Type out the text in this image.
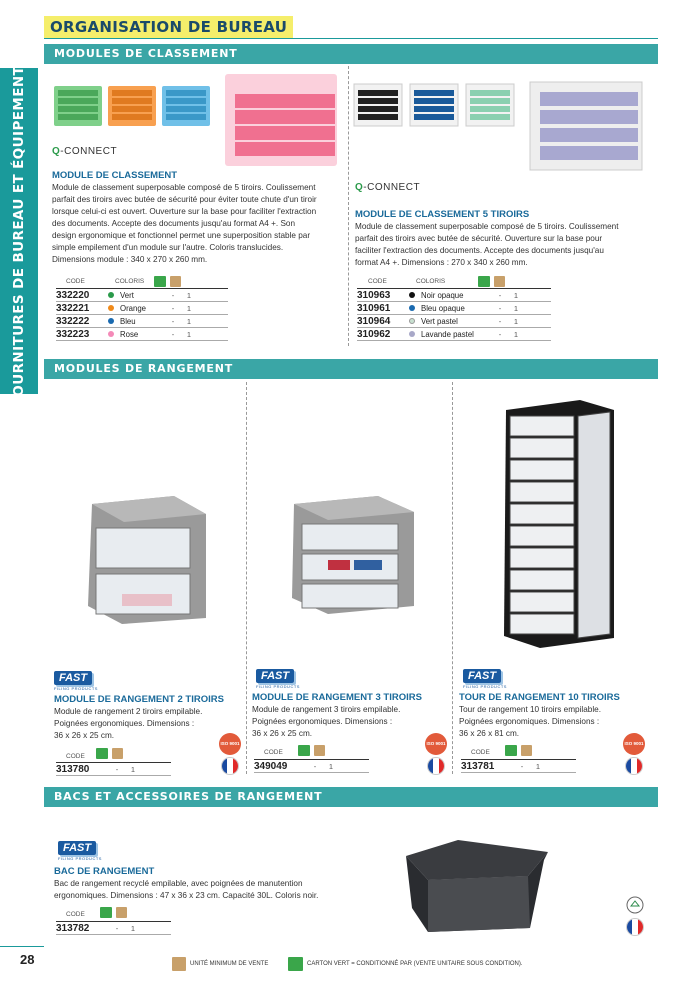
FOURNITURES DE BUREAU ET ÉQUIPEMENTS
ORGANISATION DE BUREAU
MODULES DE CLASSEMENT
Q-CONNECT
MODULE DE CLASSEMENT
Module de classement superposable composé de 5 tiroirs. Coulissement parfait des tiroirs avec butée de sécurité pour éviter toute chute d'un tiroir lorsque celui-ci est ouvert. Ouverture sur la base pour faciliter l'extraction des documents. Accepte des documents jusqu'au format A4 +. Son design ergonomique et fonctionnel permet une superposition stable par simple empilement d'un module sur l'autre. Coloris translucides. Dimensions module : 340 x 270 x 260 mm.
CODE	COLORIS

332220	Vert	-	1
332221	Orange	-	1
332222	Bleu	-	1
332223	Rose	-	1
Q-CONNECT
MODULE DE CLASSEMENT 5 TIROIRS
Module de classement superposable composé de 5 tiroirs. Coulissement parfait des tiroirs avec butée de sécurité. Ouverture sur la base pour faciliter l'extraction des documents. Accepte des documents jusqu'au format A4 +. Dimensions : 270 x 340 x 260 mm.
CODE	COLORIS

310963	Noir opaque	-	1
310961	Bleu opaque	-	1
310964	Vert pastel	-	1
310962	Lavande pastel	-	1
MODULES DE RANGEMENT
FAST
FILING PRODUCTS
MODULE DE RANGEMENT 2 TIROIRS
Module de rangement 2 tiroirs empilable. Poignées ergonomiques. Dimensions : 36 x 26 x 25 cm.
CODE

313780	-	1
ISO 9001
FAST
FILING PRODUCTS
MODULE DE RANGEMENT 3 TIROIRS
Module de rangement 3 tiroirs empilable. Poignées ergonomiques. Dimensions : 36 x 26 x 25 cm.
CODE

349049	-	1
ISO 9001
FAST
FILING PRODUCTS
TOUR DE RANGEMENT 10 TIROIRS
Tour de rangement 10 tiroirs empilable. Poignées ergonomiques. Dimensions : 36 x 26 x 81 cm.
CODE

313781	-	1
ISO 9001
BACS ET ACCESSOIRES DE RANGEMENT
FAST
FILING PRODUCTS
BAC DE RANGEMENT
Bac de rangement recyclé empilable, avec poignées de manutention ergonomiques. Dimensions : 47 x 36 x 23 cm. Capacité 30L. Coloris noir.
CODE

313782	-	1
28	UNITÉ MINIMUM DE VENTE	CARTON VERT = CONDITIONNÉ PAR (VENTE UNITAIRE SOUS CONDITION).
